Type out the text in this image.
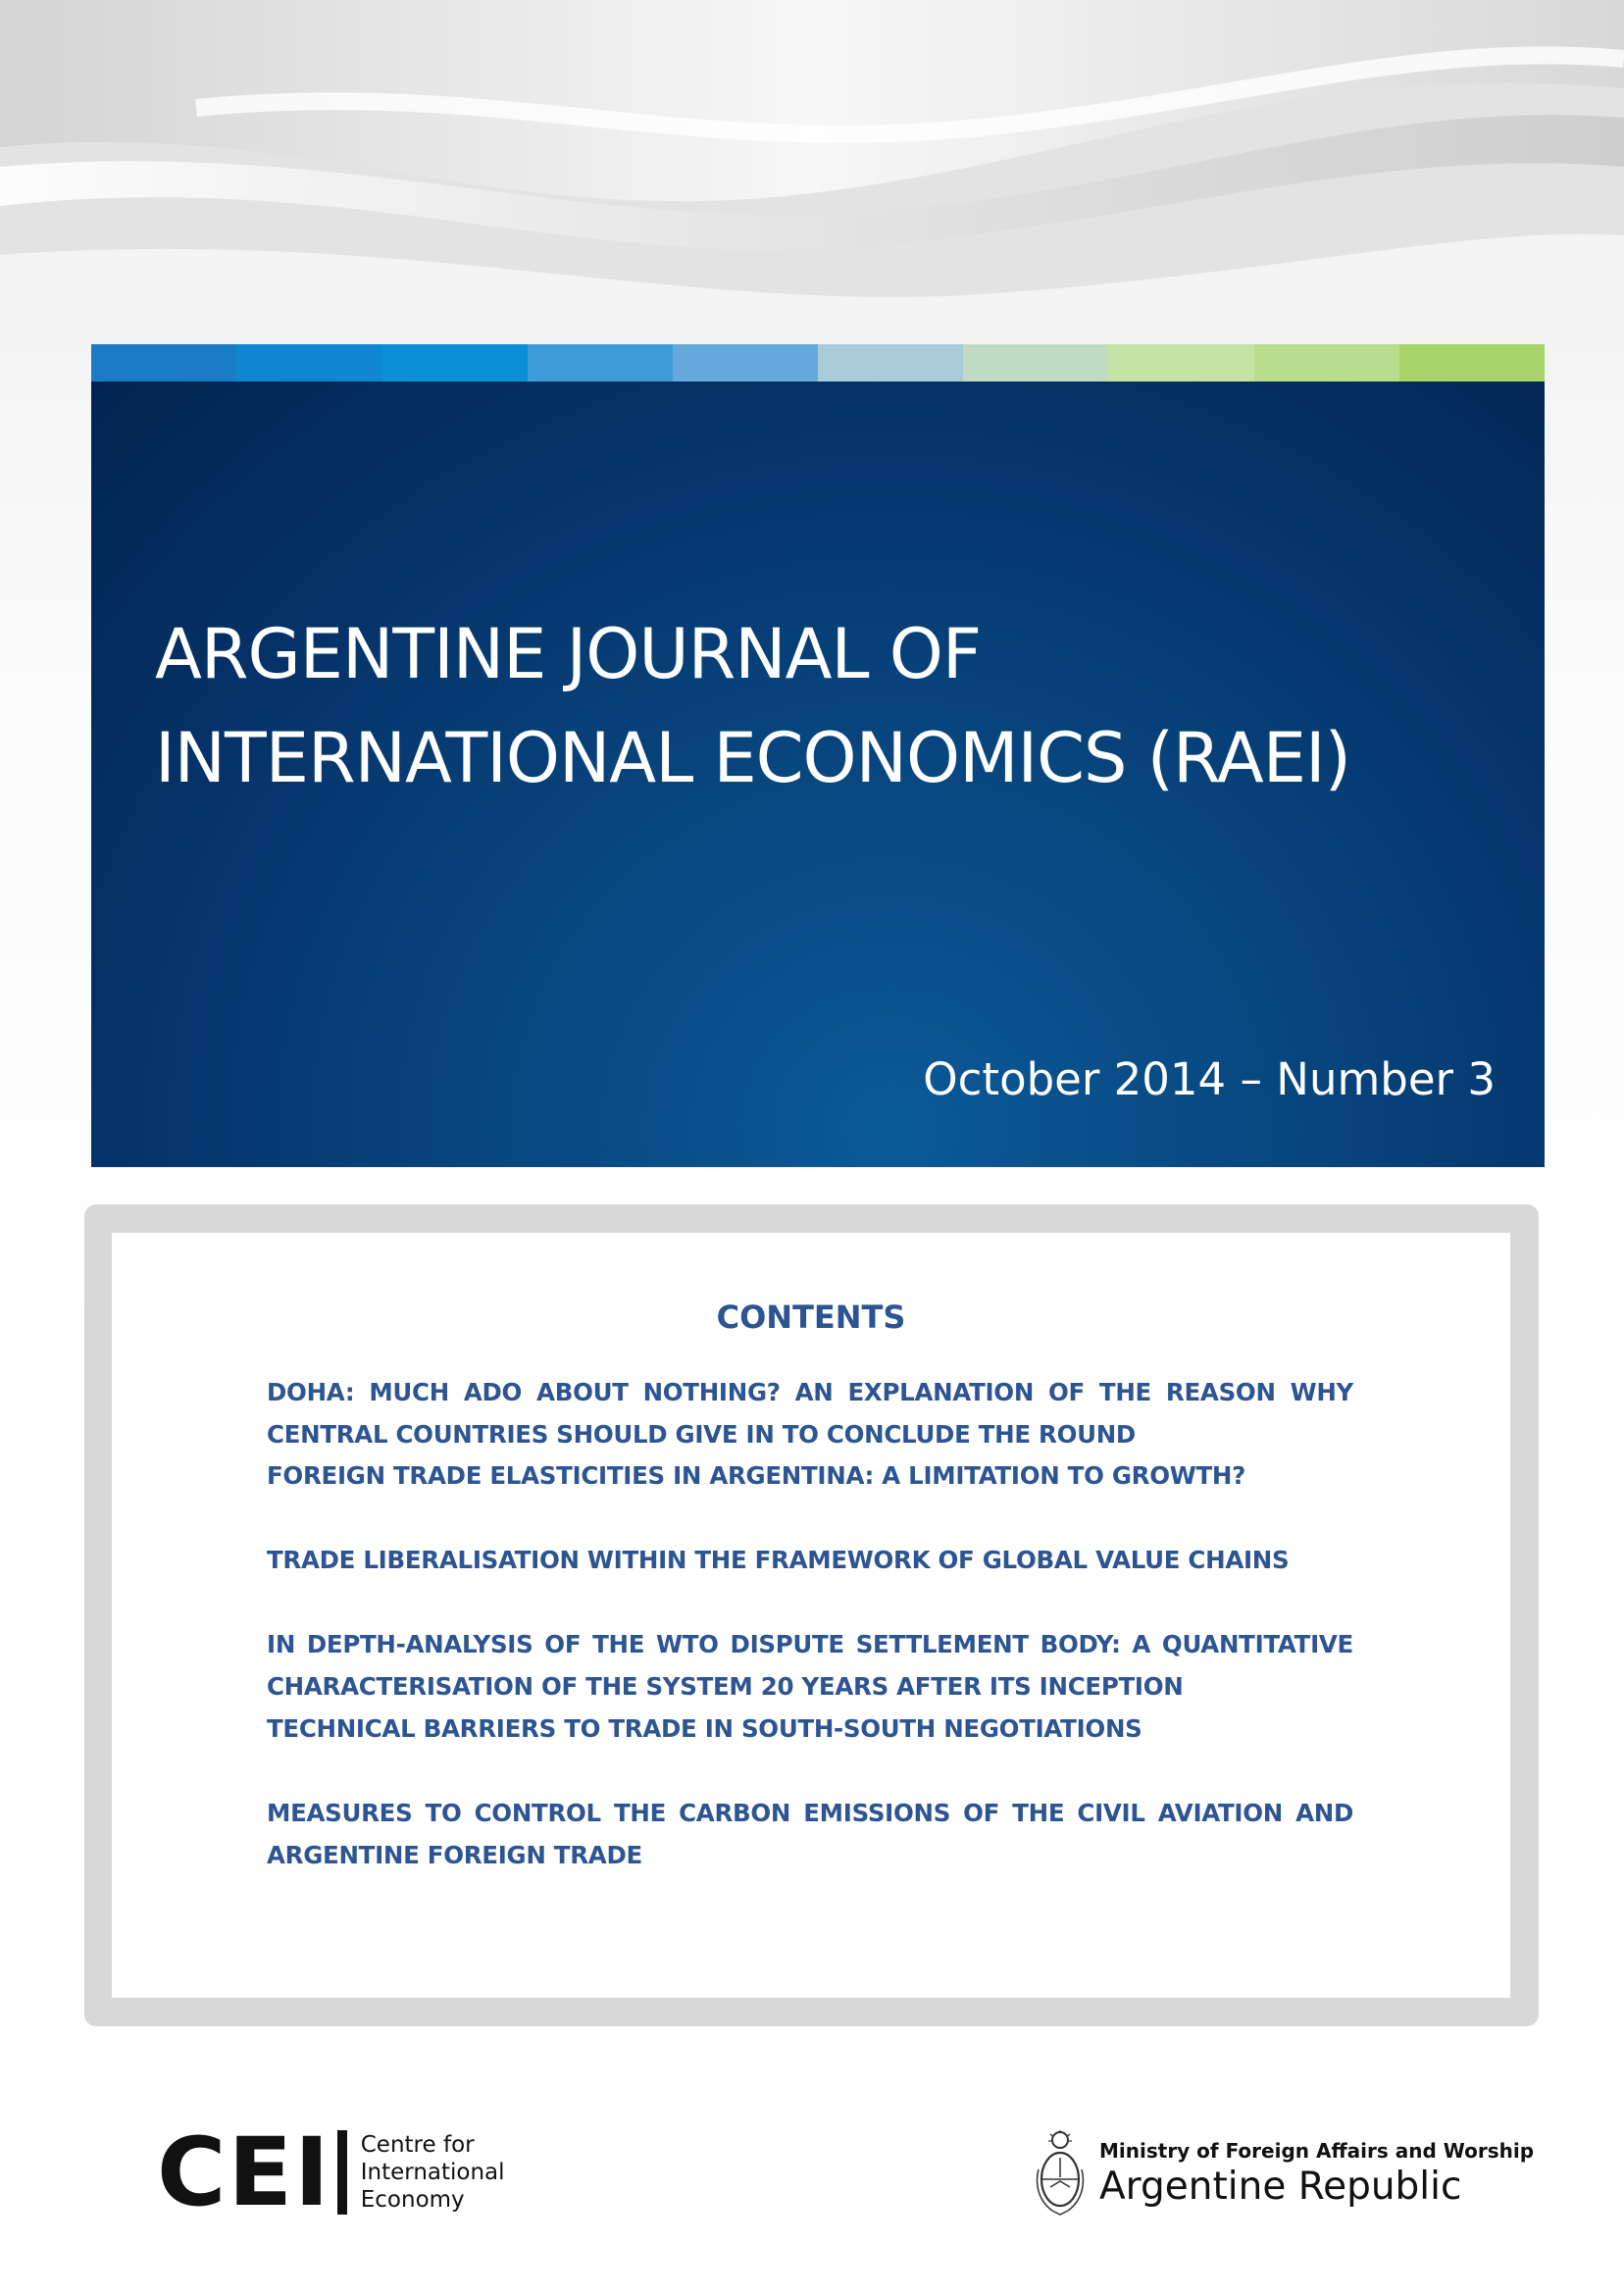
ARGENTINE JOURNAL OF
INTERNATIONAL ECONOMICS (RAEI)
October 2014 – Number 3
CONTENTS
DOHA: MUCH ADO ABOUT NOTHING? AN EXPLANATION OF THE REASON WHY CENTRAL COUNTRIES SHOULD GIVE IN TO CONCLUDE THE ROUND
FOREIGN TRADE ELASTICITIES IN ARGENTINA: A LIMITATION TO GROWTH?
TRADE LIBERALISATION WITHIN THE FRAMEWORK OF GLOBAL VALUE CHAINS
IN DEPTH-ANALYSIS OF THE WTO DISPUTE SETTLEMENT BODY: A QUANTITATIVE CHARACTERISATION OF THE SYSTEM 20 YEARS AFTER ITS INCEPTION
TECHNICAL BARRIERS TO TRADE IN SOUTH-SOUTH NEGOTIATIONS
MEASURES TO CONTROL THE CARBON EMISSIONS OF THE CIVIL AVIATION AND ARGENTINE FOREIGN TRADE
CEI Centre for
International
Economy
Ministry of Foreign Affairs and Worship
Argentine Republic
